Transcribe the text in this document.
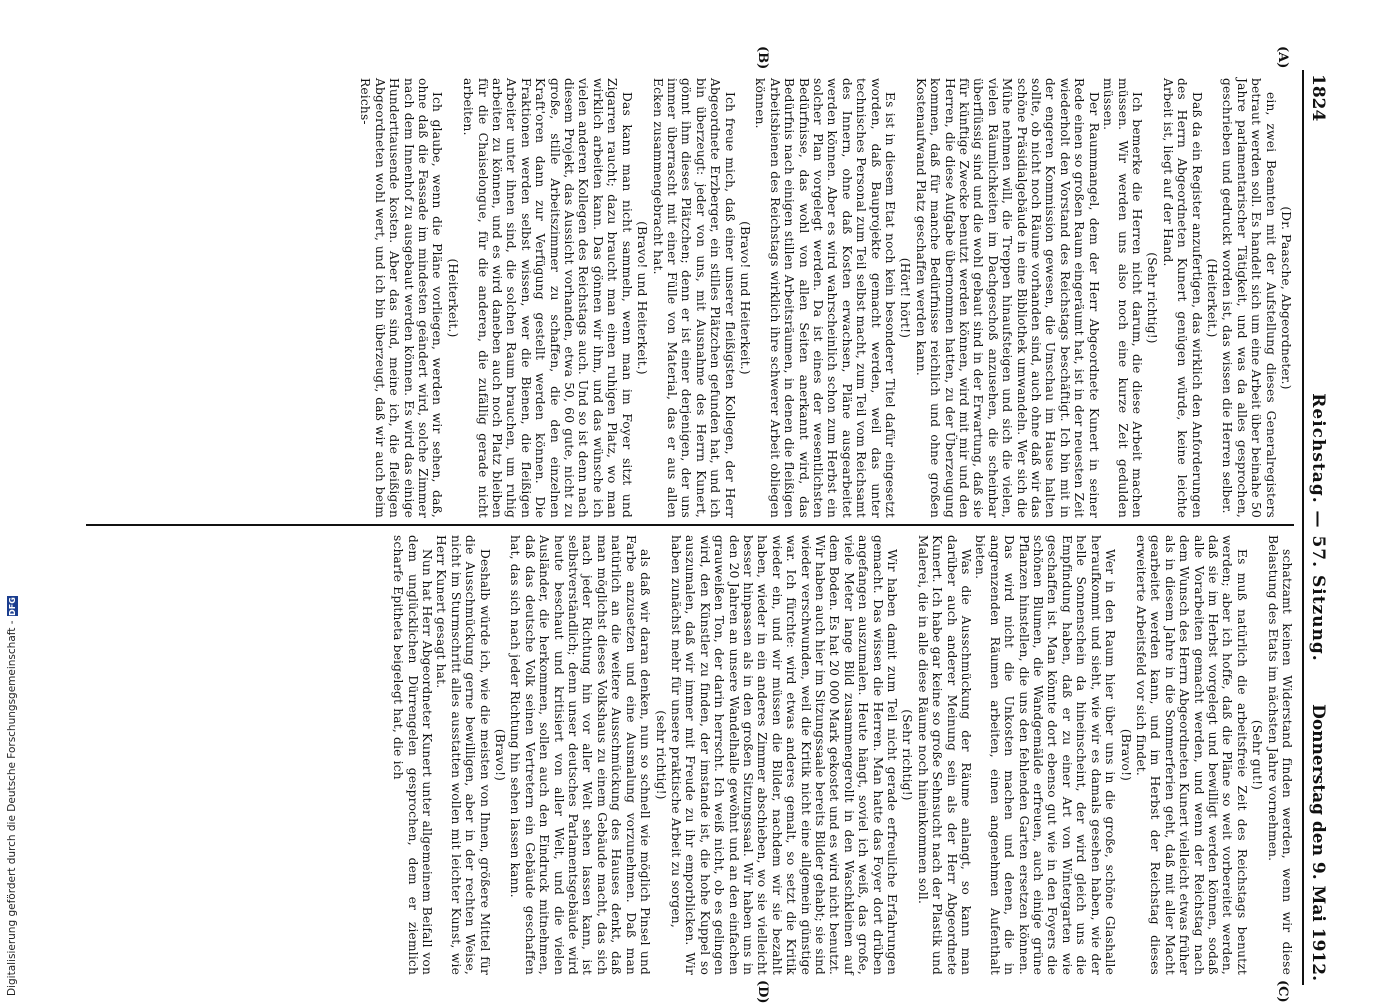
1824
Reichstag. — 57. Sitzung.
Donnerstag den 9. Mai 1912.
(A)
(B)
(C)
(D)

(Dr. Paasche, Abgeordneter.)

ein, zwei Beamten mit der Aufstellung dieses Generalregisters betraut werden soll. Es handelt sich um eine Arbeit über beinahe 50 Jahre parlamentarischer Tätigkeit, und was da alles gesprochen, geschrieben und gedruckt worden ist, das wissen die Herren selber.

(Heiterkeit.)

Daß da ein Register anzufertigen, das wirklich den Anforderungen des Herrn Abgeordneten Kunert genügen würde, keine leichte Arbeit ist, liegt auf der Hand.

(Sehr richtig!)

Ich bemerke die Herren nicht darum, die diese Arbeit machen müssen. Wir werden uns also noch eine kurze Zeit gedulden müssen.

Der Raummangel, dem der Herr Abgeordnete Kunert in seiner Rede einen so großen Raum eingeräumt hat, ist in der neuesten Zeit wiederholt den Vorstand des Reichstags beschäftigt. Ich bin mit in der engeren Kommission gewesen, die Umschau im Hause halten sollte, ob nicht noch Räume vorhanden sind, auch ohne daß wir das schöne Präsidialgebäude in eine Bibliothek umwandeln. Wer sich die Mühe nehmen will, die Treppen hinaufsteigen und sich die vielen, vielen Räumlichkeiten im Dachgeschoß anzusehen, die scheinbar überflüssig sind und die wohl gebaut sind in der Erwartung, daß sie für künftige Zwecke benutzt werden können, wird mit mir und den Herren, die diese Aufgabe übernommen hatten, zu der Überzeugung kommen, daß für manche Bedürfnisse reichlich und ohne großen Kostenaufwand Platz geschaffen werden kann.

(Hört! hört!)

Es ist in diesem Etat noch kein besonderer Titel dafür eingesetzt worden, daß Bauprojekte gemacht werden, weil das unter technisches Personal zum Teil selbst macht, zum Teil vom Reichsamt des Innern, ohne daß Kosten erwachsen, Pläne ausgearbeitet werden können. Aber es wird wahrscheinlich schon zum Herbst ein solcher Plan vorgelegt werden. Da ist eines der wesentlichsten Bedürfnisse, das wohl von allen Seiten anerkannt wird, das Bedürfnis nach einigen stillen Arbeitsräumen, in denen die fleißigen Arbeitsbienen des Reichstags wirklich ihre schwerer Arbeit obliegen können.

(Bravo! und Heiterkeit.)

Ich freue mich, daß einer unserer fleißigsten Kollegen, der Herr Abgeordnete Erzberger, ein stilles Plätzchen gefunden hat, und ich bin überzeugt: jeder von uns, mit Ausnahme des Herrn Kunert, gönnt ihm dieses Plätzchen; denn er ist einer derjenigen, der uns immer überrascht mit einer Fülle von Material, das er aus allen Ecken zusammengebracht hat.

(Bravo! und Heiterkeit.)

Das kann man nicht sammeln, wenn man im Foyer sitzt und Zigarren raucht; dazu braucht man einen ruhigen Platz, wo man wirklich arbeiten kann. Das gönnen wir ihm, und das wünsche ich vielen anderen Kollegen des Reichstags auch. Und so ist denn nach diesem Projekt, das Aussicht vorhanden, etwa 50, 60 gute, nicht zu große, stille Arbeitszimmer zu schaffen, die den einzelnen Kraft'oren dann zur Verfügung gestellt werden können. Die Fraktionen werden selbst wissen, wer die Bienen, die fleißigen Arbeiter unter ihnen sind, die solchen Raum brauchen, um ruhig arbeiten zu können, und es wird daneben auch noch Platz bleiben für die Chaiselongue, für die anderen, die zufällig gerade nicht arbeiten.

(Heiterkeit.)

Ich glaube, wenn die Pläne vorliegen, werden wir sehen, daß, ohne daß die Fassade im mindesten geändert wird, solche Zimmer nach dem Innenhof zu ausgebaut werden können. Es wird das einige Hunderttausende kosten. Aber das sind, meine ich, die fleißigen Abgeordneten wohl wert, und ich bin überzeugt, daß wir auch beim Reichs-

schatzamt keinen Widerstand finden werden, wenn wir diese Belastung des Etats im nächsten Jahre vornehmen.

(Sehr gut!)

Es muß natürlich die arbeitsfreie Zeit des Reichstags benutzt werden; aber ich hoffe, daß die Pläne so weit vorbereitet werden, daß sie im Herbst vorgelegt und bewilligt werden können, sodaß alle Vorarbeiten gemacht werden, und wenn der Reichstag nach dem Wunsch des Herrn Abgeordneten Kunert vielleicht etwas früher als in diesem Jahre in die Sommerferien geht, daß mit aller Macht gearbeitet werden kann, und im Herbst der Reichstag dieses erweiterte Arbeitsfeld vor sich findet.

(Bravo!)

Wer in den Raum hier über uns in die große, schöne Glashalle heraufkommt und sieht, wie wir es damals gesehen haben, wie der helle Sonnenschein da hineinscheint, der wird gleich uns die Empfindung haben, daß er zu einer Art von Wintergarten wie geschaffen ist. Man könnte dort ebenso gut wie in den Foyers die schönen Blumen, die Wandgemälde erfreuen, auch einige grüne Pflanzen hinstellen, die uns den fehlenden Garten ersetzen können. Das wird nicht die Unkosten machen und denen, die in angrenzenden Räumen arbeiten, einen angenehmen Aufenthalt bieten.

Was die Ausschmückung der Räume anlangt, so kann man darüber auch anderer Meinung sein als der Herr Abgeordnete Kunert. Ich habe gar keine so große Sehnsucht nach der Plastik und Malerei, die in alle diese Räume noch hineinkommen soll.

(Sehr richtig!)

Wir haben damit zum Teil nicht gerade erfreuliche Erfahrungen gemacht. Das wissen die Herren. Man hatte das Foyer dort drüben angefangen auszumalen. Heute hängt, soviel ich weiß, das große, viele Meter lange Bild zusammengerollt in den Waschkleinen auf dem Boden. Es hat 20 000 Mark gekostet und es wird nicht benutzt. Wir haben auch hier im Sitzungssaale bereits Bilder gehabt; sie sind wieder verschwunden, weil die Kritik nicht eine allgemein günstige war. Ich fürchte: wird etwas anderes gemalt, so setzt die Kritik wieder ein, und wir müssen die Bilder, nachdem wir sie bezahlt haben, wieder in ein anderes Zimmer abschieben, wo sie vielleicht besser hinpassen als in den großen Sitzungssaal. Wir haben uns in den 20 Jahren an unsere Wandelhalle gewöhnt und an den einfachen grauweißen Ton, der darin herrscht. Ich weiß nicht, ob es gelingen wird, den Künstler zu finden, der imstande ist, die hohe Kuppel so auszumalen, daß wir immer mit Freude zu ihr emporblicken. Wir haben zunächst mehr für unsere praktische Arbeit zu sorgen,

(sehr richtig!)

als daß wir daran denken, nun so schnell wie möglich Pinsel und Farbe anzusetzen und eine Ausmalung vorzunehmen. Daß man natürlich an die weitere Ausschmückung des Hauses denkt, daß man möglichst dieses Volkshaus zu einem Gebäude macht, das sich nach jeder Richtung hin vor aller Welt sehen lassen kann, ist selbstverständlich; denn unser deutsches Parlamentsgebäude wird heute beschaut und kritisiert von aller Welt, und die vielen Ausländer, die herkommen, sollen auch den Eindruck mitnehmen, daß das deutsche Volk seinen Vertretern ein Gebäude geschaffen hat, das sich nach jeder Richtung hin sehen lassen kann.

(Bravo!)

Deshalb würde ich, wie die meisten von Ihnen, größere Mittel für die Ausschmückung gerne bewilligen, aber in der rechten Weise, nicht im Sturmschritt alles ausstatten wollen mit leichter Kunst, wie Herr Kunert gesagt hat.

Nun hat Herr Abgeordneter Kunert unter allgemeinem Beifall von dem unglücklichen Dürrengelen gesprochen, dem er ziemlich scharfe Epitheta beigelegt hat, die ich

Digitalisierung gefördert durch die Deutsche Forschungsgemeinschaft -DFG
